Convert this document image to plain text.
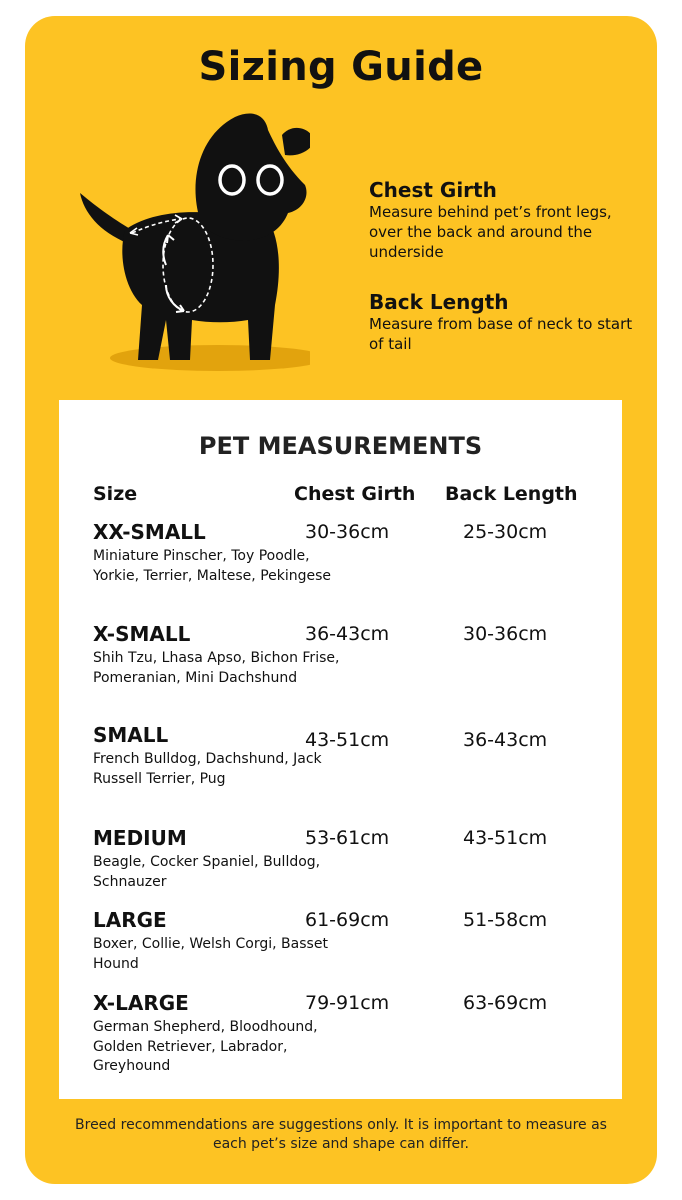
Sizing Guide
Chest Girth

Measure behind pet’s front legs, over the back and around the underside

Back Length

Measure from base of neck to start of tail

PET MEASUREMENTS
Size	Chest Girth Back Length
XX-SMALL
Miniature Pinscher, Toy Poodle, Yorkie, Terrier, Maltese, Pekingese
30-36cm	25-30cm
X-SMALL
Shih Tzu, Lhasa Apso, Bichon Frise, Pomeranian, Mini Dachshund
36-43cm	30-36cm
SMALL
French Bulldog, Dachshund, Jack Russell Terrier, Pug
43-51cm	36-43cm
MEDIUM
Beagle, Cocker Spaniel, Bulldog, Schnauzer
53-61cm	43-51cm
LARGE
Boxer, Collie, Welsh Corgi, Basset Hound
61-69cm	51-58cm
X-LARGE
German Shepherd, Bloodhound, Golden Retriever, Labrador, Greyhound
79-91cm	63-69cm
Breed recommendations are suggestions only. It is important to measure as each pet’s size and shape can differ.
